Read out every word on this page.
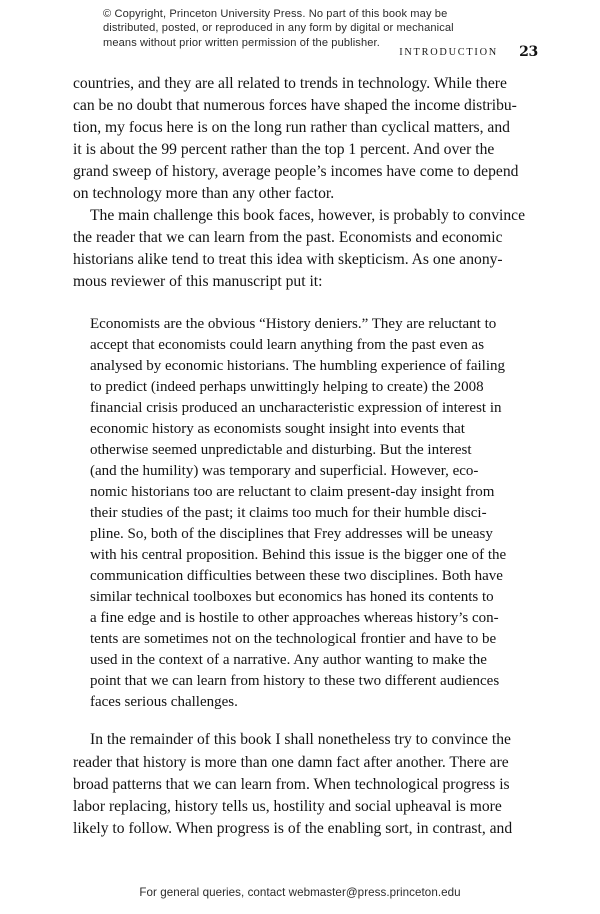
© Copyright, Princeton University Press. No part of this book may be
distributed, posted, or reproduced in any form by digital or mechanical
means without prior written permission of the publisher.
INTRODUCTION 23
countries, and they are all related to trends in technology. While there
can be no doubt that numerous forces have shaped the income distribu-
tion, my focus here is on the long run rather than cyclical matters, and
it is about the 99 percent rather than the top 1 percent. And over the
grand sweep of history, average people’s incomes have come to depend
on technology more than any other factor.
The main challenge this book faces, however, is probably to convince
the reader that we can learn from the past. Economists and economic
historians alike tend to treat this idea with skepticism. As one anony-
mous reviewer of this manuscript put it:
Economists are the obvious “History deniers.” They are reluctant to
accept that economists could learn anything from the past even as
analysed by economic historians. The humbling experience of failing
to predict (indeed perhaps unwittingly helping to create) the 2008
financial crisis produced an uncharacteristic expression of interest in
economic history as economists sought insight into events that
otherwise seemed unpredictable and disturbing. But the interest
(and the humility) was temporary and superficial. However, eco-
nomic historians too are reluctant to claim present-day insight from
their studies of the past; it claims too much for their humble disci-
pline. So, both of the disciplines that Frey addresses will be uneasy
with his central proposition. Behind this issue is the bigger one of the
communication difficulties between these two disciplines. Both have
similar technical toolboxes but economics has honed its contents to
a fine edge and is hostile to other approaches whereas history’s con-
tents are sometimes not on the technological frontier and have to be
used in the context of a narrative. Any author wanting to make the
point that we can learn from history to these two different audiences
faces serious challenges.
In the remainder of this book I shall nonetheless try to convince the
reader that history is more than one damn fact after another. There are
broad patterns that we can learn from. When technological progress is
labor replacing, history tells us, hostility and social upheaval is more
likely to follow. When progress is of the enabling sort, in contrast, and
For general queries, contact webmaster@press.princeton.edu
